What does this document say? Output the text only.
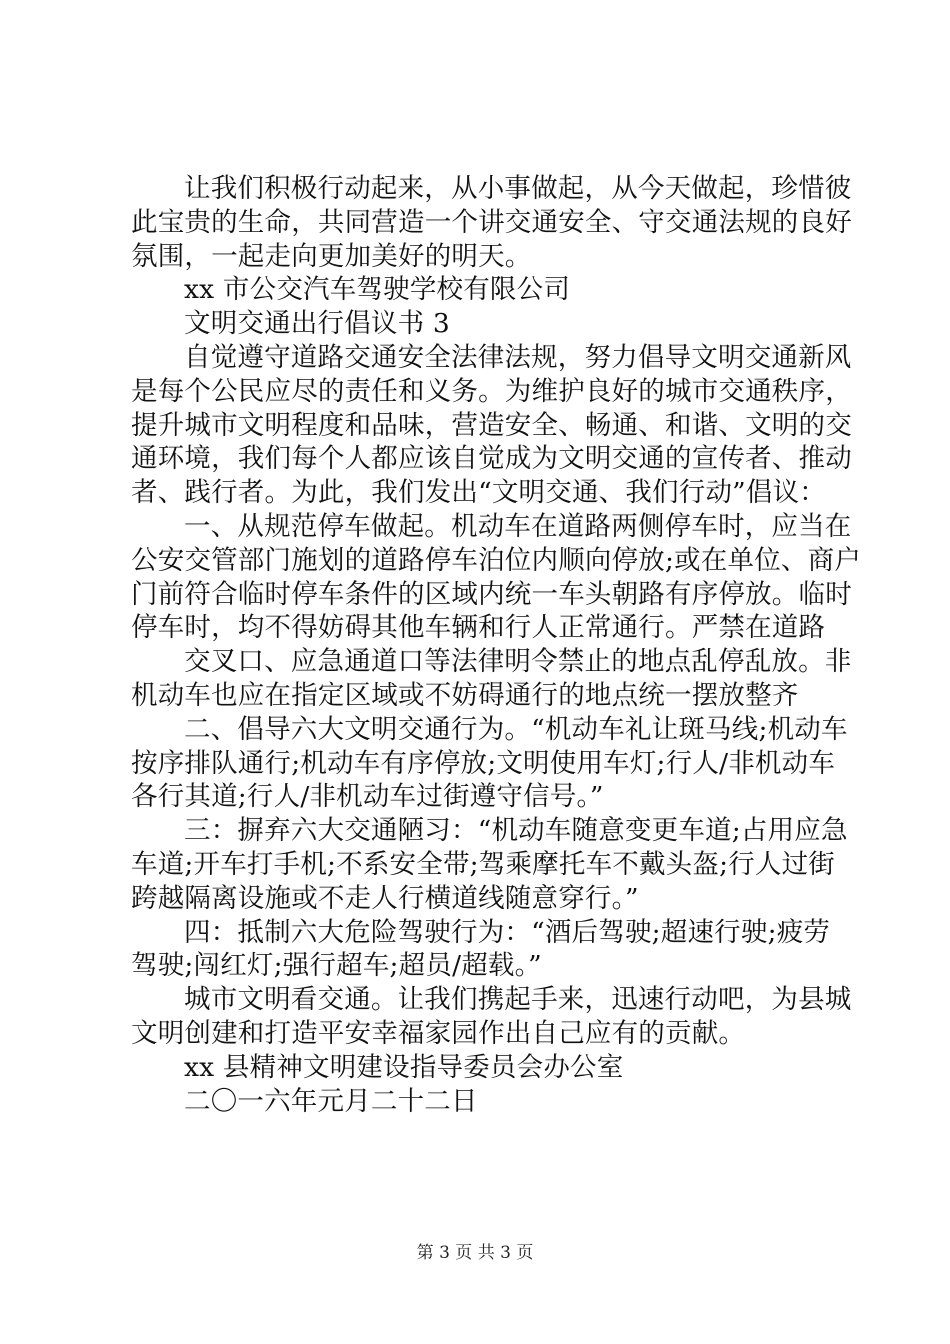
让我们积极行动起来，从小事做起，从今天做起，珍惜彼
此宝贵的生命，共同营造一个讲交通安全、守交通法规的良好
氛围，一起走向更加美好的明天。
xx 市公交汽车驾驶学校有限公司
文明交通出行倡议书 3
自觉遵守道路交通安全法律法规，努力倡导文明交通新风
是每个公民应尽的责任和义务。为维护良好的城市交通秩序，
提升城市文明程度和品味，营造安全、畅通、和谐、文明的交
通环境，我们每个人都应该自觉成为文明交通的宣传者、推动
者、践行者。为此，我们发出“文明交通、我们行动”倡议：
一、从规范停车做起。机动车在道路两侧停车时，应当在
公安交管部门施划的道路停车泊位内顺向停放;或在单位、商户
门前符合临时停车条件的区域内统一车头朝路有序停放。临时
停车时，均不得妨碍其他车辆和行人正常通行。严禁在道路
交叉口、应急通道口等法律明令禁止的地点乱停乱放。非
机动车也应在指定区域或不妨碍通行的地点统一摆放整齐
二、倡导六大文明交通行为。“机动车礼让斑马线;机动车
按序排队通行;机动车有序停放;文明使用车灯;行人/非机动车
各行其道;行人/非机动车过街遵守信号。”
三：摒弃六大交通陋习：“机动车随意变更车道;占用应急
车道;开车打手机;不系安全带;驾乘摩托车不戴头盔;行人过街
跨越隔离设施或不走人行横道线随意穿行。”
四：抵制六大危险驾驶行为：“酒后驾驶;超速行驶;疲劳
驾驶;闯红灯;强行超车;超员/超载。”
城市文明看交通。让我们携起手来，迅速行动吧，为县城
文明创建和打造平安幸福家园作出自己应有的贡献。
xx 县精神文明建设指导委员会办公室
二〇一六年元月二十二日
第 3 页 共 3 页
